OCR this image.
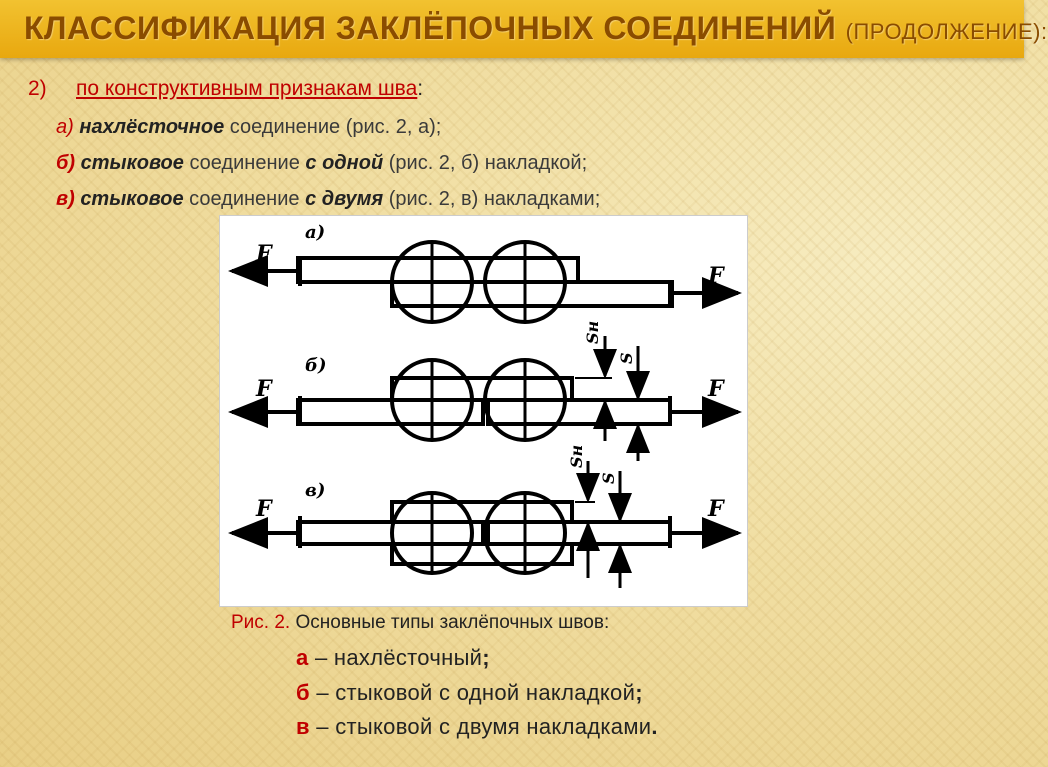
КЛАССИФИКАЦИЯ ЗАКЛЁПОЧНЫХ СОЕДИНЕНИЙ (ПРОДОЛЖЕНИЕ):
2) по конструктивным признакам шва:
а) нахлёсточное соединение (рис. 2, а);
б) стыковое соединение с одной (рис. 2, б) накладкой;
в) стыковое соединение с двумя (рис. 2, в) накладками;
а)
б)
в)
F
F
F	F
F	F
Sн
S
Sн
S
Рис. 2. Основные типы заклёпочных швов:
а – нахлёсточный;
б – стыковой с одной накладкой;
в – стыковой с двумя накладками.
